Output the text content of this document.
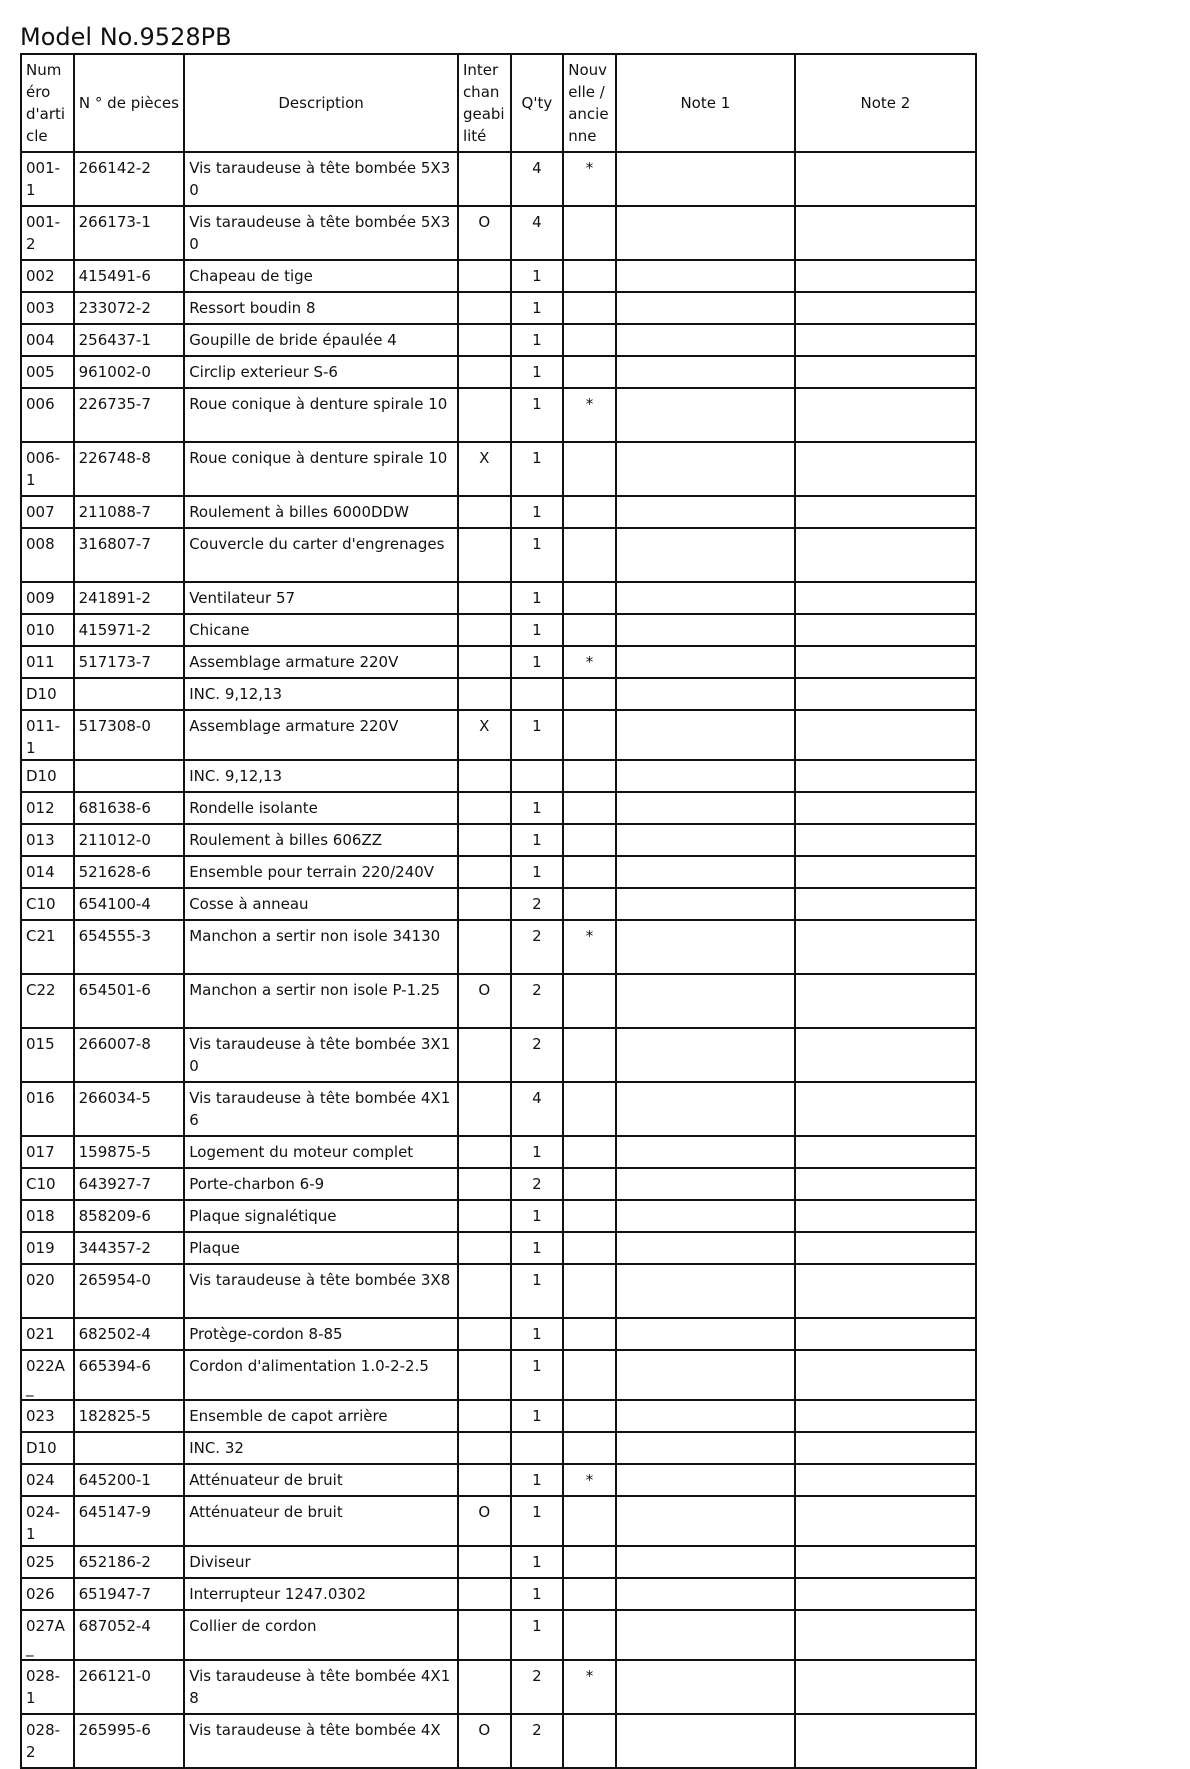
Model No.9528PB
Numéro d'article	N ° de pièces	Description	Interchangeabilité	Q'ty	Nouvelle / ancienne	Note 1	Note 2
001-1	266142-2	Vis taraudeuse à tête bombée 5X30		4	*		
001-2	266173-1	Vis taraudeuse à tête bombée 5X30	O	4			
002	415491-6	Chapeau de tige		1			
003	233072-2	Ressort boudin 8		1			
004	256437-1	Goupille de bride épaulée 4		1			
005	961002-0	Circlip exterieur S-6		1			
006	226735-7	Roue conique à denture spirale 10		1	*		
006-1	226748-8	Roue conique à denture spirale 10	X	1			
007	211088-7	Roulement à billes 6000DDW		1			
008	316807-7	Couvercle du carter d'engrenages		1			
009	241891-2	Ventilateur 57		1			
010	415971-2	Chicane		1			
011	517173-7	Assemblage armature 220V		1	*		
D10		INC. 9,12,13					
011-1	517308-0	Assemblage armature 220V	X	1			
D10		INC. 9,12,13					
012	681638-6	Rondelle isolante		1			
013	211012-0	Roulement à billes 606ZZ		1			
014	521628-6	Ensemble pour terrain 220/240V		1			
C10	654100-4	Cosse à anneau		2			
C21	654555-3	Manchon a sertir non isole 34130		2	*		
C22	654501-6	Manchon a sertir non isole P-1.25	O	2			
015	266007-8	Vis taraudeuse à tête bombée 3X10		2			
016	266034-5	Vis taraudeuse à tête bombée 4X16		4			
017	159875-5	Logement du moteur complet		1			
C10	643927-7	Porte-charbon 6-9		2			
018	858209-6	Plaque signalétique		1			
019	344357-2	Plaque		1			
020	265954-0	Vis taraudeuse à tête bombée 3X8		1			
021	682502-4	Protège-cordon 8-85		1			
022A_	665394-6	Cordon d'alimentation 1.0-2-2.5		1			
023	182825-5	Ensemble de capot arrière		1			
D10		INC. 32					
024	645200-1	Atténuateur de bruit		1	*		
024-1	645147-9	Atténuateur de bruit	O	1			
025	652186-2	Diviseur		1			
026	651947-7	Interrupteur 1247.0302		1			
027A_	687052-4	Collier de cordon		1			
028-1	266121-0	Vis taraudeuse à tête bombée 4X18		2	*		
028-2	265995-6	Vis taraudeuse à tête bombée 4X	O	2			
